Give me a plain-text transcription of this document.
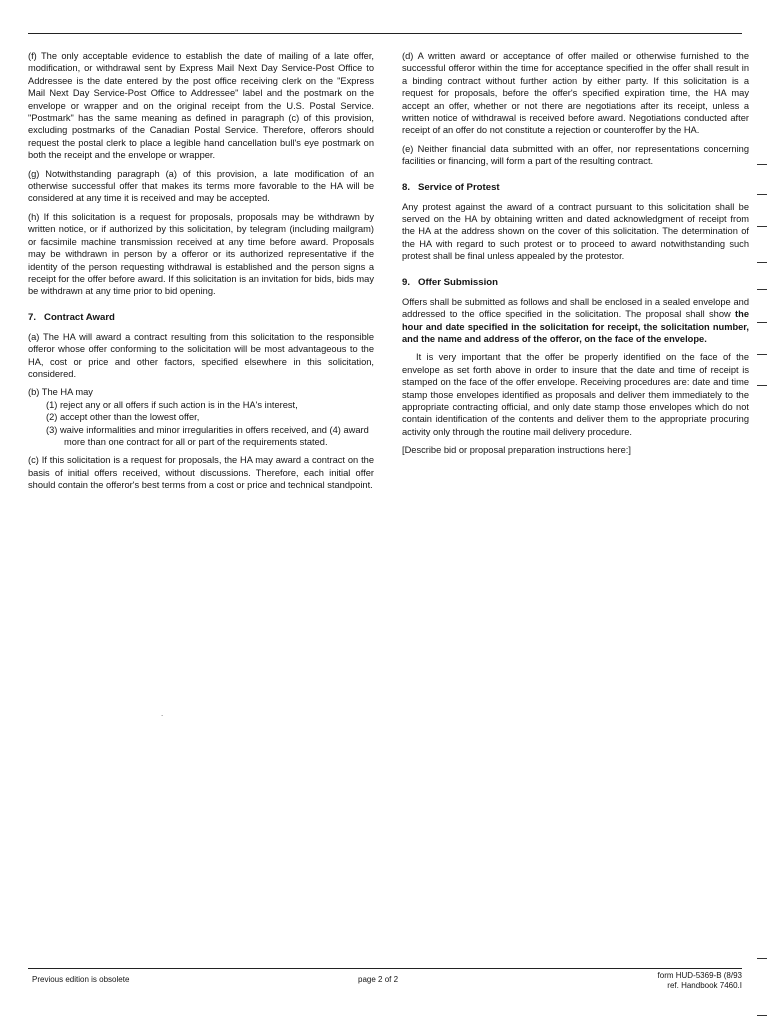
(f) The only acceptable evidence to establish the date of mailing of a late offer, modification, or withdrawal sent by Express Mail Next Day Service-Post Office to Addressee is the date entered by the post office receiving clerk on the "Express Mail Next Day Service-Post Office to Addressee" label and the postmark on the envelope or wrapper and on the original receipt from the U.S. Postal Service. "Postmark" has the same meaning as defined in paragraph (c) of this provision, excluding postmarks of the Canadian Postal Service. Therefore, offerors should request the postal clerk to place a legible hand cancellation bull's eye postmark on both the receipt and the envelope or wrapper.

(g) Notwithstanding paragraph (a) of this provision, a late modification of an otherwise successful offer that makes its terms more favorable to the HA will be considered at any time it is received and may be accepted.

(h) If this solicitation is a request for proposals, proposals may be withdrawn by written notice, or if authorized by this solicitation, by telegram (including mailgram) or facsimile machine transmission received at any time before award. Proposals may be withdrawn in person by a offeror or its authorized representative if the identity of the person requesting withdrawal is established and the person signs a receipt for the offer before award. If this solicitation is an invitation for bids, bids may be withdrawn at any time prior to bid opening.

7. Contract Award

(a) The HA will award a contract resulting from this solicitation to the responsible offeror whose offer conforming to the solicitation will be most advantageous to the HA, cost or price and other factors, specified elsewhere in this solicitation, considered.

(b) The HA may

(1) reject any or all offers if such action is in the HA's interest,
(2) accept other than the lowest offer,
(3) waive informalities and minor irregularities in offers received, and (4) award more than one contract for all or part of the requirements stated.

(c) If this solicitation is a request for proposals, the HA may award a contract on the basis of initial offers received, without discussions. Therefore, each initial offer should contain the offeror's best terms from a cost or price and technical standpoint.

(d) A written award or acceptance of offer mailed or otherwise furnished to the successful offeror within the time for acceptance specified in the offer shall result in a binding contract without further action by either party. If this solicitation is a request for proposals, before the offer's specified expiration time, the HA may accept an offer, whether or not there are negotiations after its receipt, unless a written notice of withdrawal is received before award. Negotiations conducted after receipt of an offer do not constitute a rejection or counteroffer by the HA.

(e) Neither financial data submitted with an offer, nor representations concerning facilities or financing, will form a part of the resulting contract.

8. Service of Protest

Any protest against the award of a contract pursuant to this solicitation shall be served on the HA by obtaining written and dated acknowledgment of receipt from the HA at the address shown on the cover of this solicitation. The determination of the HA with regard to such protest or to proceed to award notwithstanding such protest shall be final unless appealed by the protestor.

9. Offer Submission

Offers shall be submitted as follows and shall be enclosed in a sealed envelope and addressed to the office specified in the solicitation. The proposal shall show the hour and date specified in the solicitation for receipt, the solicitation number, and the name and address of the offeror, on the face of the envelope.

It is very important that the offer be properly identified on the face of the envelope as set forth above in order to insure that the date and time of receipt is stamped on the face of the offer envelope. Receiving procedures are: date and time stamp those envelopes identified as proposals and deliver them immediately to the appropriate contracting official, and only date stamp those envelopes which do not contain identification of the contents and deliver them to the appropriate procuring activity only through the routine mail delivery procedure.

[Describe bid or proposal preparation instructions here:]

.
Previous edition is obsolete	page 2 of 2	form HUD-5369-B (8/93
ref. Handbook 7460.I
